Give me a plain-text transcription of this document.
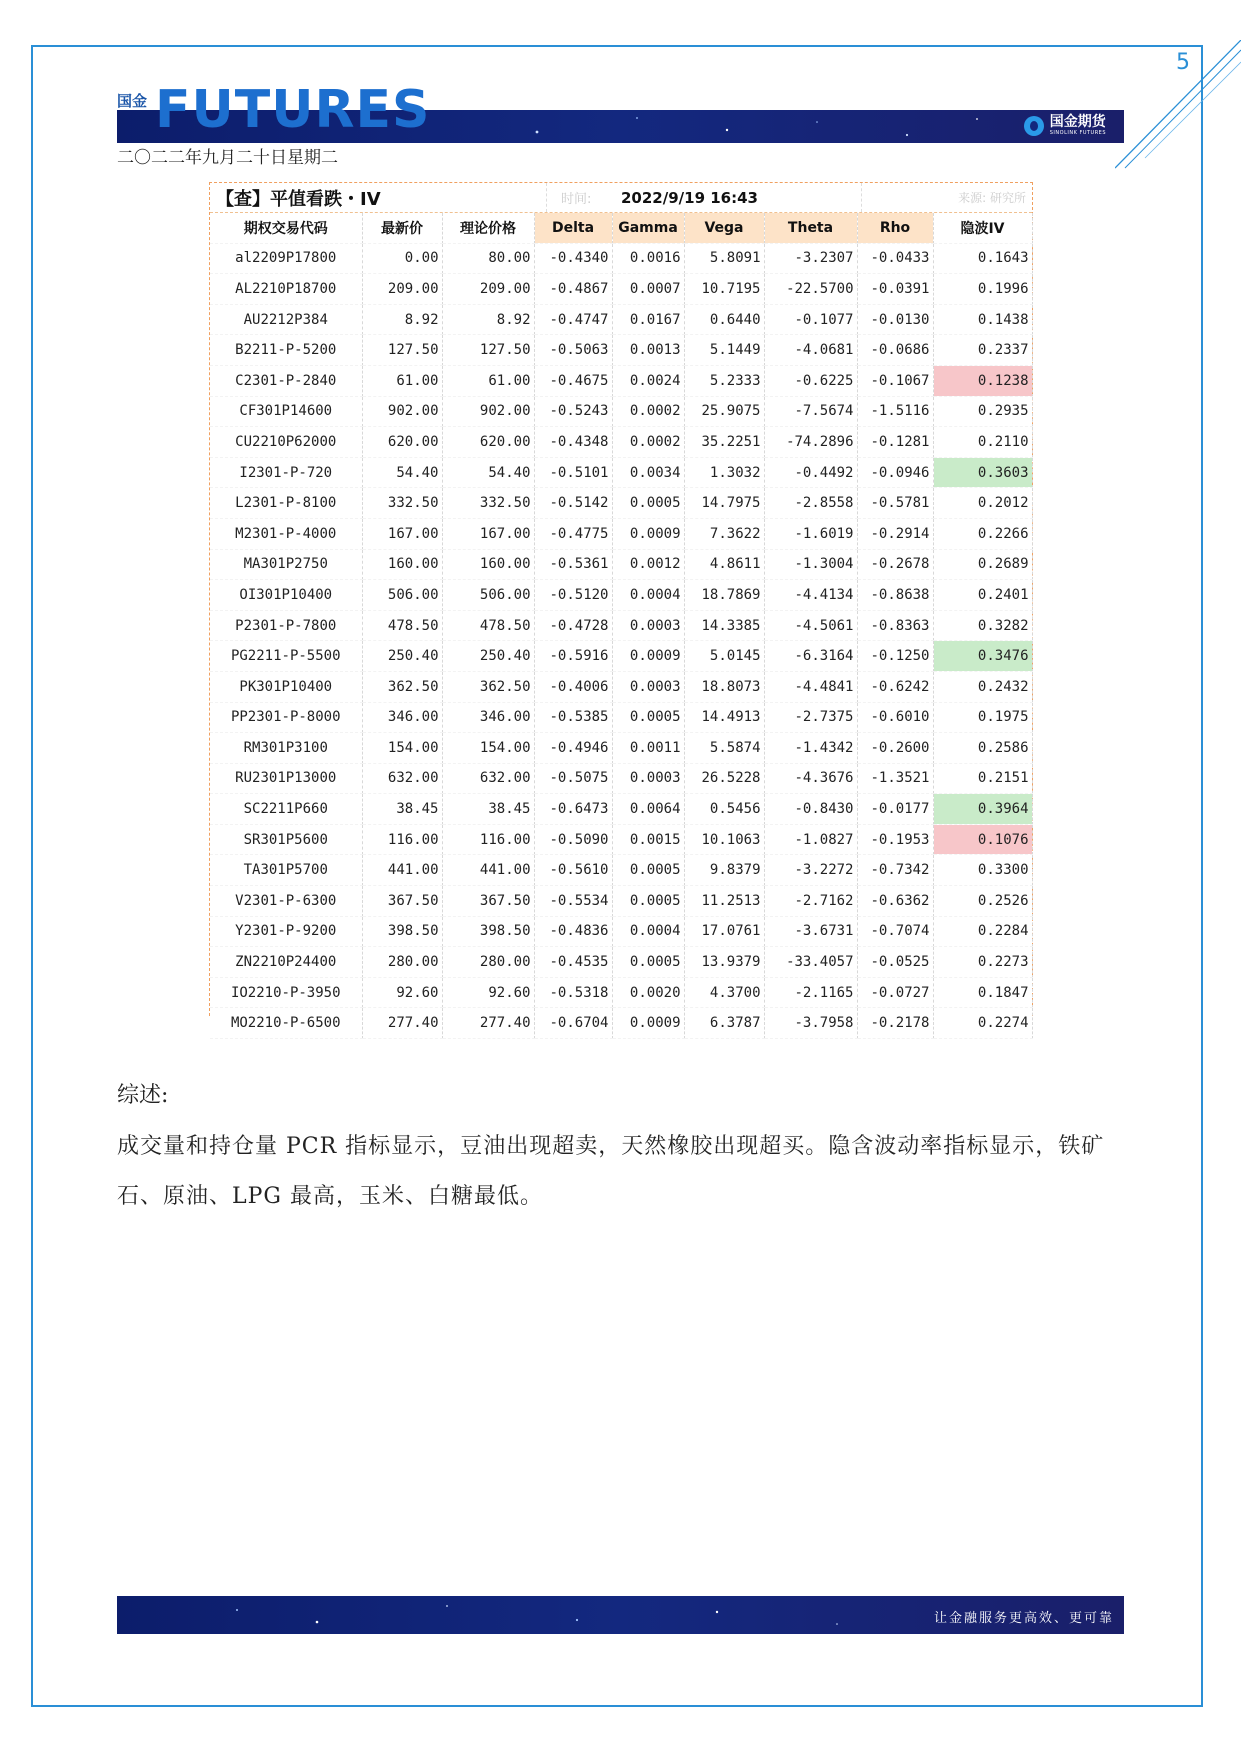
5
国金
国金期货
SINOLINK FUTURES
FUTURES
二〇二二年九月二十日星期二
【查】平值看跌・IV	时间:	2022/9/19 16:43	来源: 研究所
期权交易代码	最新价	理论价格	Delta	Gamma	Vega	Theta	Rho	隐波IV
al2209P17800	0.00	80.00	-0.4340	0.0016	5.8091	-3.2307	-0.0433	0.1643
AL2210P18700	209.00	209.00	-0.4867	0.0007	10.7195	-22.5700	-0.0391	0.1996
AU2212P384	8.92	8.92	-0.4747	0.0167	0.6440	-0.1077	-0.0130	0.1438
B2211-P-5200	127.50	127.50	-0.5063	0.0013	5.1449	-4.0681	-0.0686	0.2337
C2301-P-2840	61.00	61.00	-0.4675	0.0024	5.2333	-0.6225	-0.1067	0.1238
CF301P14600	902.00	902.00	-0.5243	0.0002	25.9075	-7.5674	-1.5116	0.2935
CU2210P62000	620.00	620.00	-0.4348	0.0002	35.2251	-74.2896	-0.1281	0.2110
I2301-P-720	54.40	54.40	-0.5101	0.0034	1.3032	-0.4492	-0.0946	0.3603
L2301-P-8100	332.50	332.50	-0.5142	0.0005	14.7975	-2.8558	-0.5781	0.2012
M2301-P-4000	167.00	167.00	-0.4775	0.0009	7.3622	-1.6019	-0.2914	0.2266
MA301P2750	160.00	160.00	-0.5361	0.0012	4.8611	-1.3004	-0.2678	0.2689
OI301P10400	506.00	506.00	-0.5120	0.0004	18.7869	-4.4134	-0.8638	0.2401
P2301-P-7800	478.50	478.50	-0.4728	0.0003	14.3385	-4.5061	-0.8363	0.3282
PG2211-P-5500	250.40	250.40	-0.5916	0.0009	5.0145	-6.3164	-0.1250	0.3476
PK301P10400	362.50	362.50	-0.4006	0.0003	18.8073	-4.4841	-0.6242	0.2432
PP2301-P-8000	346.00	346.00	-0.5385	0.0005	14.4913	-2.7375	-0.6010	0.1975
RM301P3100	154.00	154.00	-0.4946	0.0011	5.5874	-1.4342	-0.2600	0.2586
RU2301P13000	632.00	632.00	-0.5075	0.0003	26.5228	-4.3676	-1.3521	0.2151
SC2211P660	38.45	38.45	-0.6473	0.0064	0.5456	-0.8430	-0.0177	0.3964
SR301P5600	116.00	116.00	-0.5090	0.0015	10.1063	-1.0827	-0.1953	0.1076
TA301P5700	441.00	441.00	-0.5610	0.0005	9.8379	-3.2272	-0.7342	0.3300
V2301-P-6300	367.50	367.50	-0.5534	0.0005	11.2513	-2.7162	-0.6362	0.2526
Y2301-P-9200	398.50	398.50	-0.4836	0.0004	17.0761	-3.6731	-0.7074	0.2284
ZN2210P24400	280.00	280.00	-0.4535	0.0005	13.9379	-33.4057	-0.0525	0.2273
IO2210-P-3950	92.60	92.60	-0.5318	0.0020	4.3700	-2.1165	-0.0727	0.1847
MO2210-P-6500	277.40	277.40	-0.6704	0.0009	6.3787	-3.7958	-0.2178	0.2274
综述:
成交量和持仓量 PCR 指标显示，豆油出现超卖，天然橡胶出现超买。隐含波动率指标显示，铁矿石、原油、LPG 最高，玉米、白糖最低。
让金融服务更高效、更可靠
